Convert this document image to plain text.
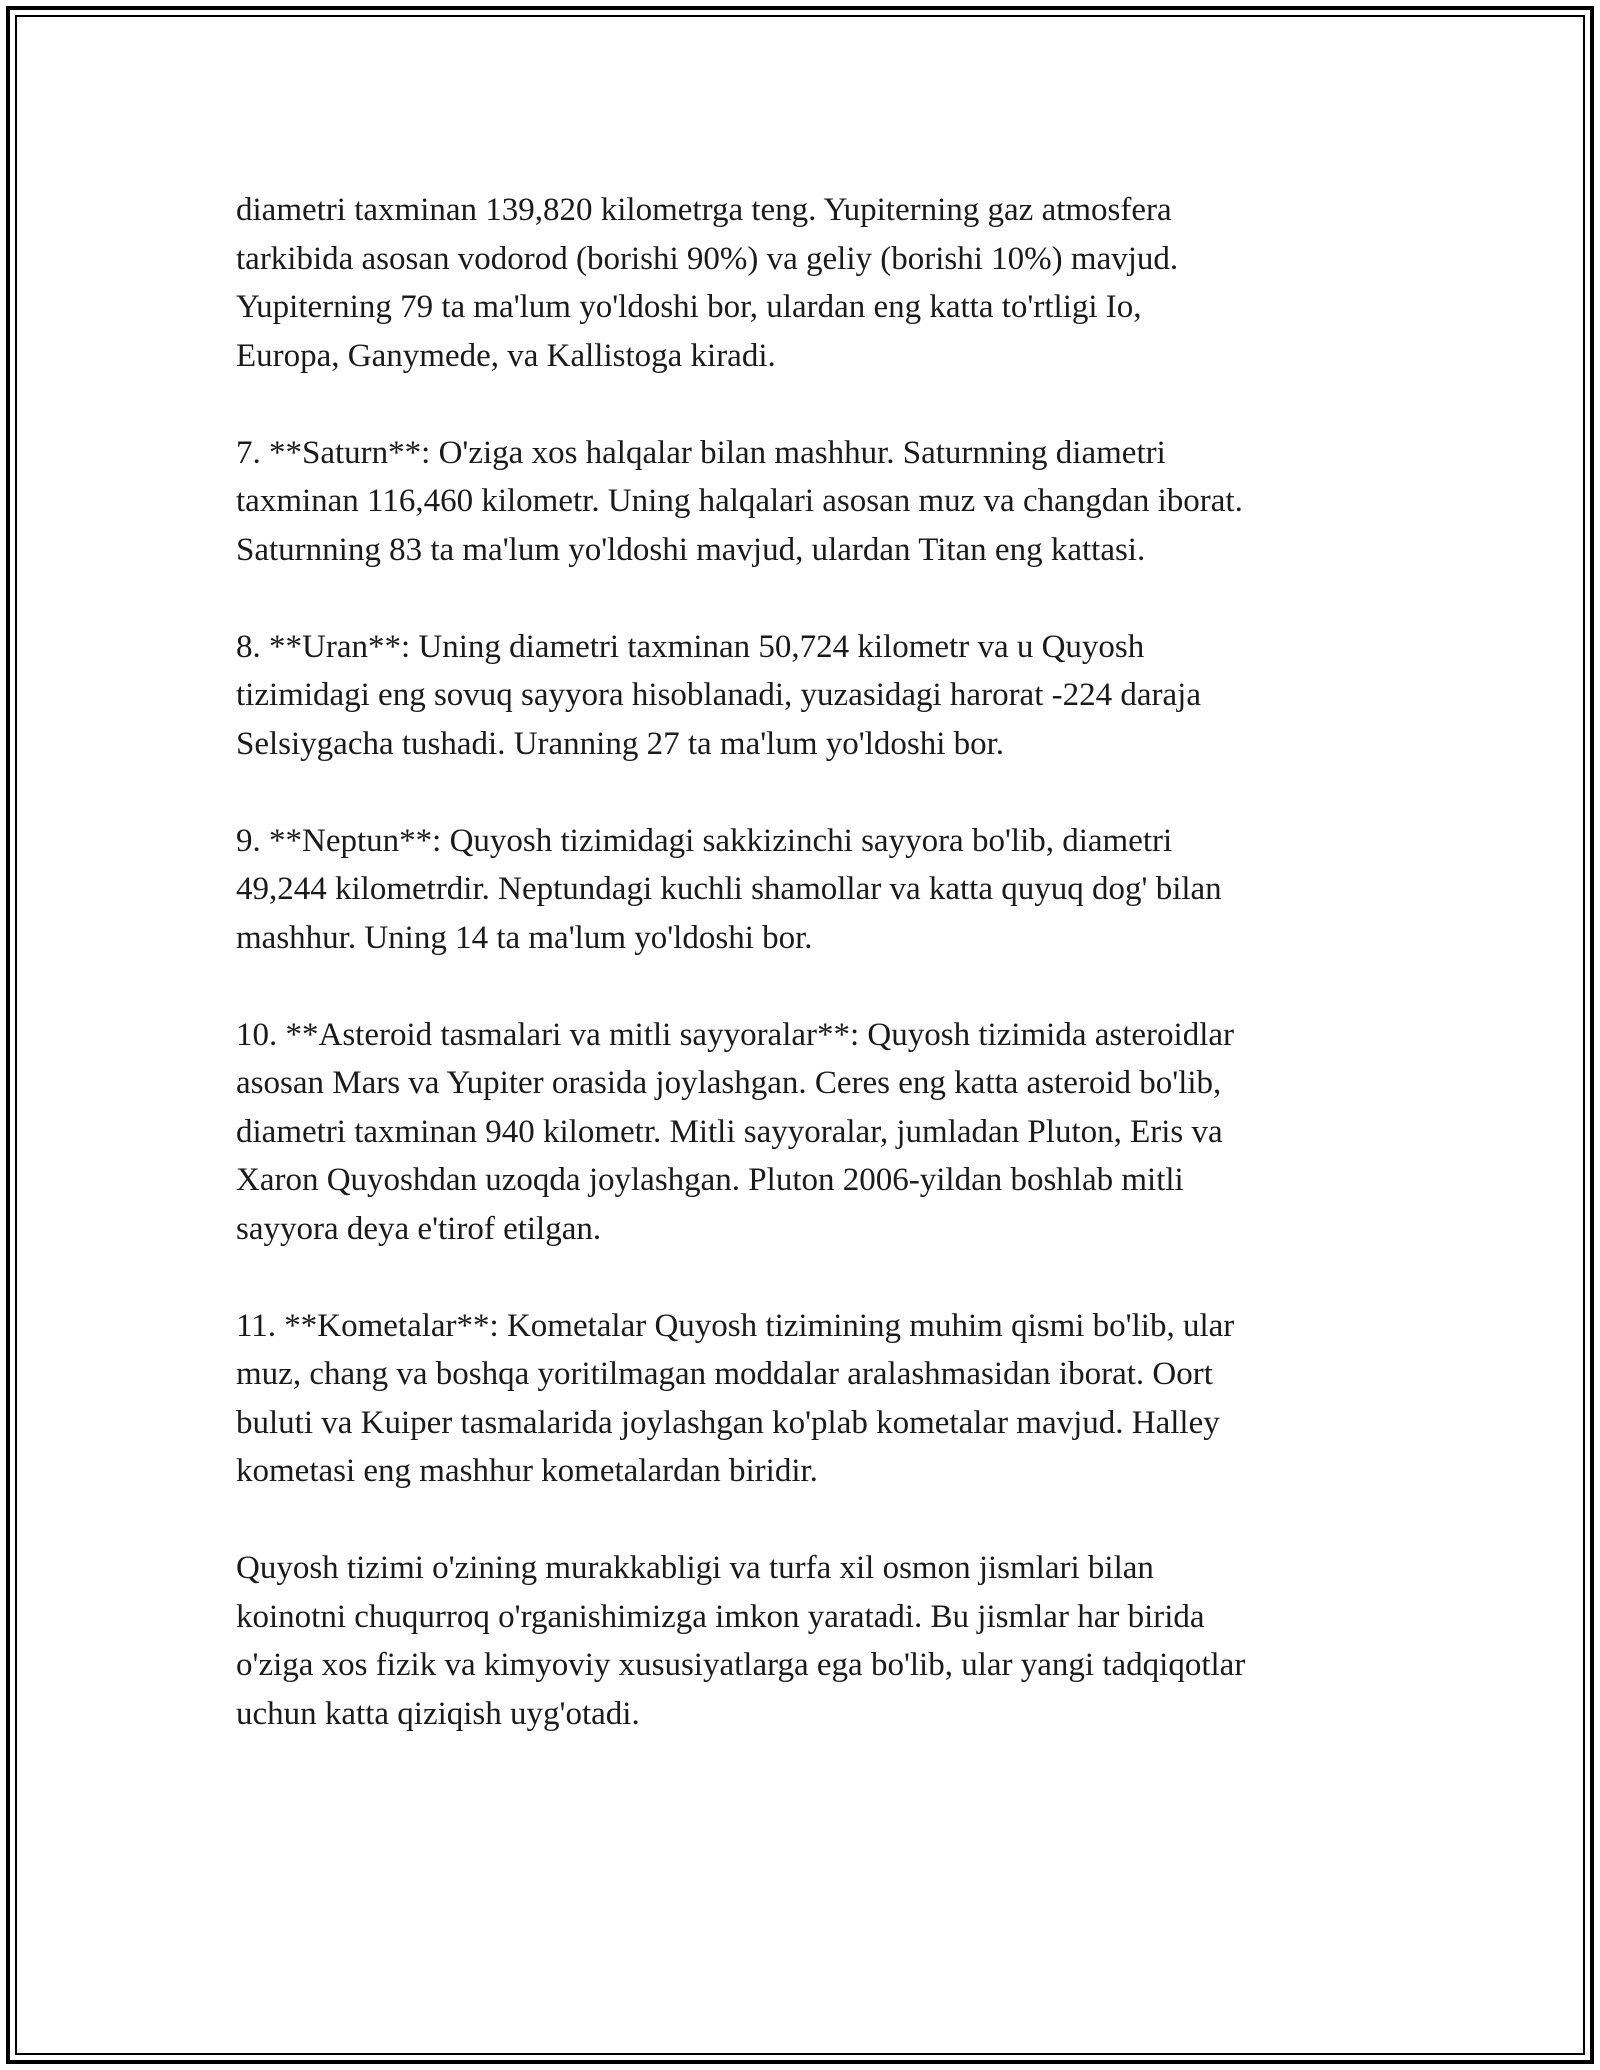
diametri taxminan 139,820 kilometrga teng. Yupiterning gaz atmosfera
tarkibida asosan vodorod (borishi 90%) va geliy (borishi 10%) mavjud.
Yupiterning 79 ta ma'lum yo'ldoshi bor, ulardan eng katta to'rtligi Io,
Europa, Ganymede, va Kallistoga kiradi.

7. **Saturn**: O'ziga xos halqalar bilan mashhur. Saturnning diametri
taxminan 116,460 kilometr. Uning halqalari asosan muz va changdan iborat.
Saturnning 83 ta ma'lum yo'ldoshi mavjud, ulardan Titan eng kattasi.

8. **Uran**: Uning diametri taxminan 50,724 kilometr va u Quyosh
tizimidagi eng sovuq sayyora hisoblanadi, yuzasidagi harorat -224 daraja
Selsiygacha tushadi. Uranning 27 ta ma'lum yo'ldoshi bor.

9. **Neptun**: Quyosh tizimidagi sakkizinchi sayyora bo'lib, diametri
49,244 kilometrdir. Neptundagi kuchli shamollar va katta quyuq dog' bilan
mashhur. Uning 14 ta ma'lum yo'ldoshi bor.

10. **Asteroid tasmalari va mitli sayyoralar**: Quyosh tizimida asteroidlar
asosan Mars va Yupiter orasida joylashgan. Ceres eng katta asteroid bo'lib,
diametri taxminan 940 kilometr. Mitli sayyoralar, jumladan Pluton, Eris va
Xaron Quyoshdan uzoqda joylashgan. Pluton 2006-yildan boshlab mitli
sayyora deya e'tirof etilgan.

11. **Kometalar**: Kometalar Quyosh tizimining muhim qismi bo'lib, ular
muz, chang va boshqa yoritilmagan moddalar aralashmasidan iborat. Oort
buluti va Kuiper tasmalarida joylashgan ko'plab kometalar mavjud. Halley
kometasi eng mashhur kometalardan biridir.

Quyosh tizimi o'zining murakkabligi va turfa xil osmon jismlari bilan
koinotni chuqurroq o'rganishimizga imkon yaratadi. Bu jismlar har birida
o'ziga xos fizik va kimyoviy xususiyatlarga ega bo'lib, ular yangi tadqiqotlar
uchun katta qiziqish uyg'otadi.
